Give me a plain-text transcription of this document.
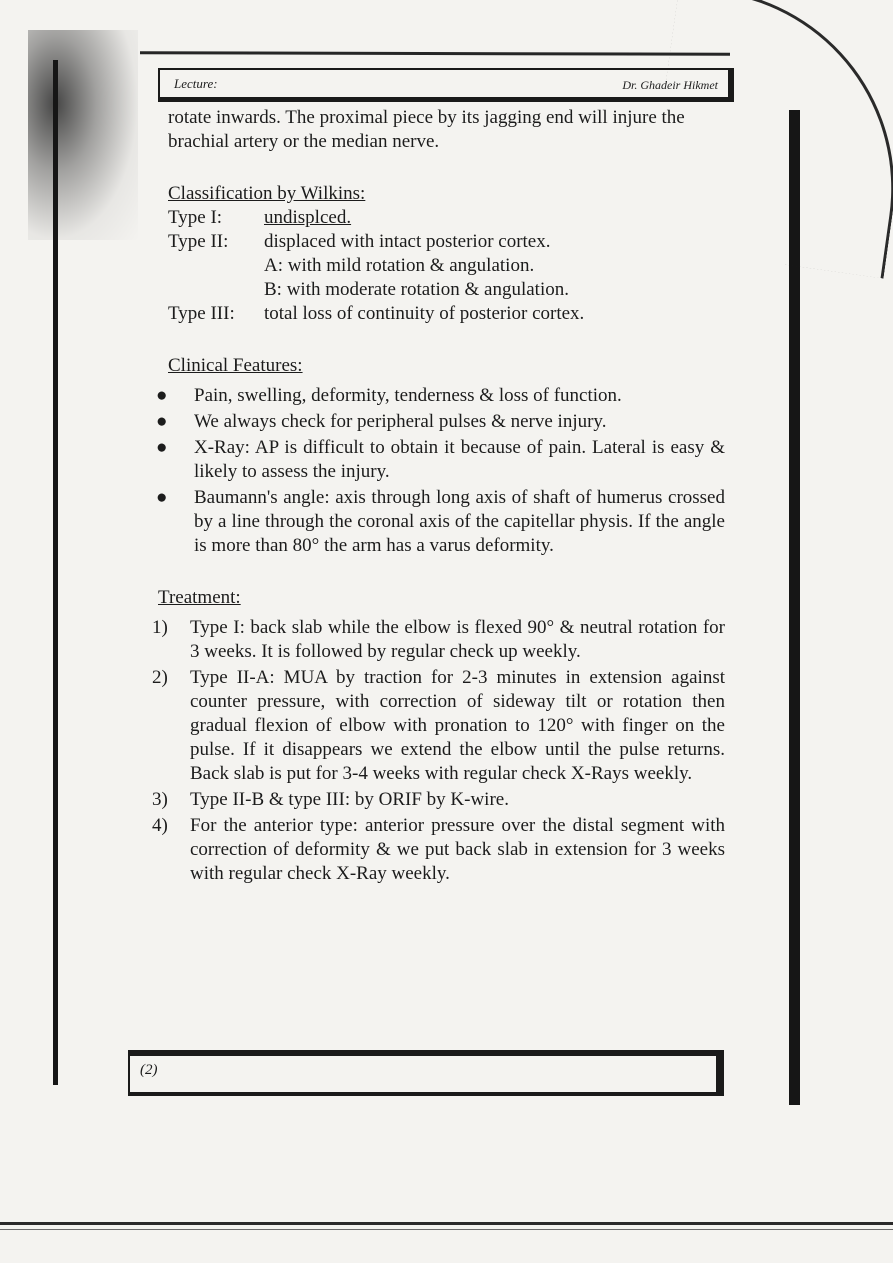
Lecture:	Dr. Ghadeir Hikmet

rotate inwards. The proximal piece by its jagging end will injure the brachial artery or the median nerve.

Classification by Wilkins:
Type I:	undisplced.
Type II:	displaced with intact posterior cortex.
A: with mild rotation & angulation.
B: with moderate rotation & angulation.
Type III:	total loss of continuity of posterior cortex.
Clinical Features:
● Pain, swelling, deformity, tenderness & loss of function.
● We always check for peripheral pulses & nerve injury.
● X-Ray: AP is difficult to obtain it because of pain. Lateral is easy & likely to assess the injury.
● Baumann's angle: axis through long axis of shaft of humerus crossed by a line through the coronal axis of the capitellar physis. If the angle is more than 80° the arm has a varus deformity.
Treatment:
1) Type I: back slab while the elbow is flexed 90° & neutral rotation for 3 weeks. It is followed by regular check up weekly.
2) Type II-A: MUA by traction for 2-3 minutes in extension against counter pressure, with correction of sideway tilt or rotation then gradual flexion of elbow with pronation to 120° with finger on the pulse. If it disappears we extend the elbow until the pulse returns. Back slab is put for 3-4 weeks with regular check X-Rays weekly.
3) Type II-B & type III: by ORIF by K-wire.
4) For the anterior type: anterior pressure over the distal segment with correction of deformity & we put back slab in extension for 3 weeks with regular check X-Ray weekly.
(2)
